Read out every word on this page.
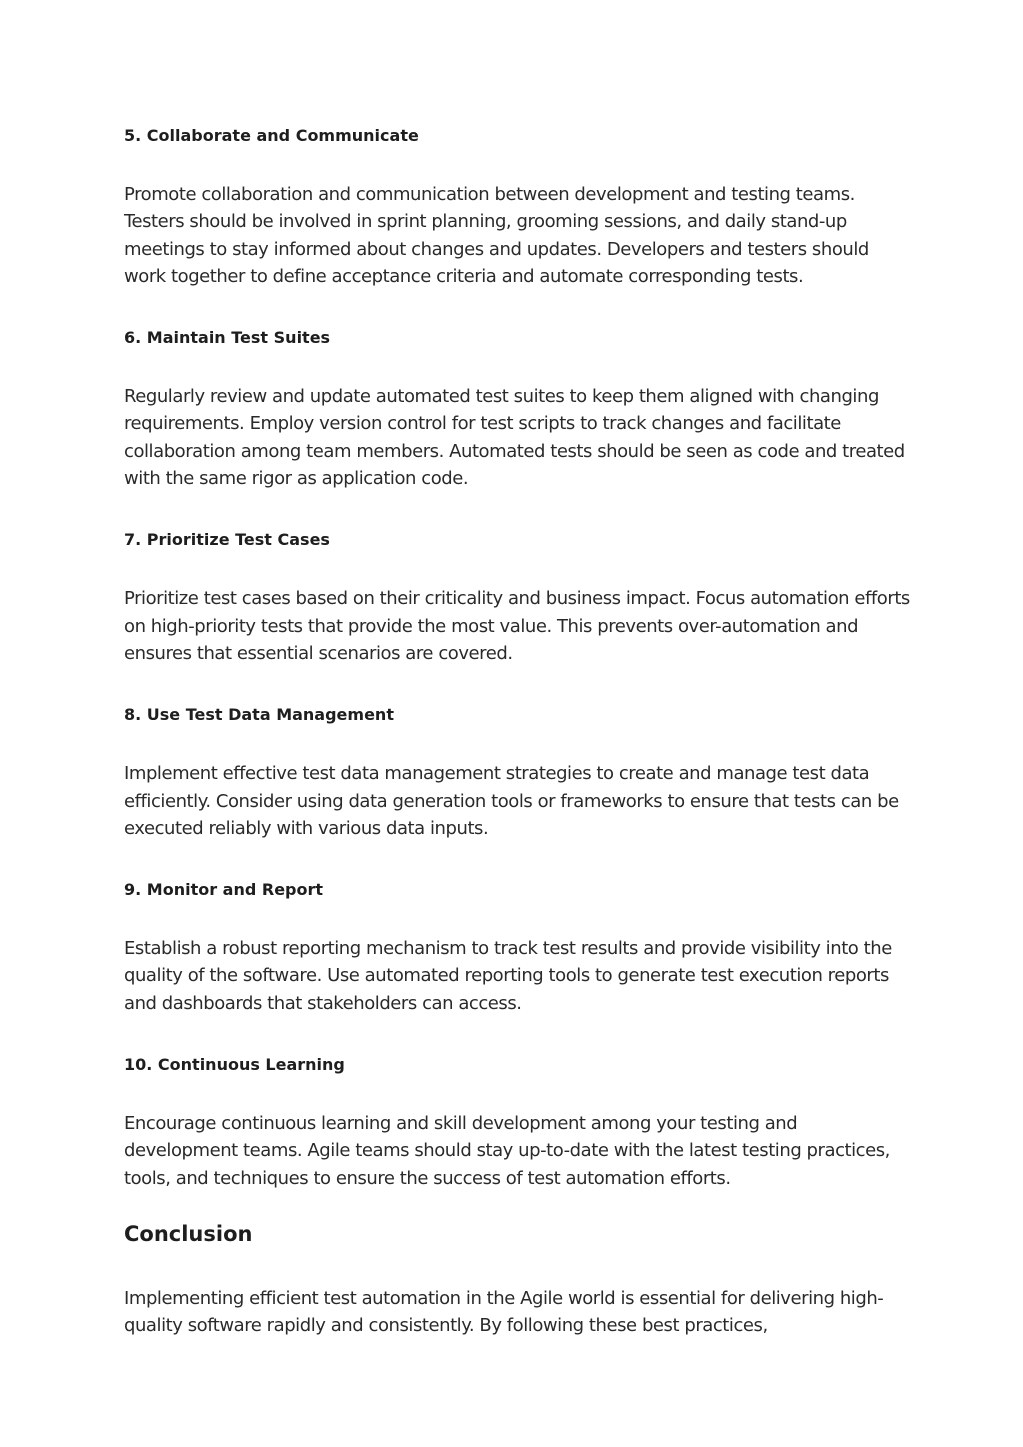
5. Collaborate and Communicate

Promote collaboration and communication between development and testing teams. Testers should be involved in sprint planning, grooming sessions, and daily stand-up meetings to stay informed about changes and updates. Developers and testers should work together to define acceptance criteria and automate corresponding tests.

6. Maintain Test Suites

Regularly review and update automated test suites to keep them aligned with changing requirements. Employ version control for test scripts to track changes and facilitate collaboration among team members. Automated tests should be seen as code and treated with the same rigor as application code.

7. Prioritize Test Cases

Prioritize test cases based on their criticality and business impact. Focus automation efforts on high-priority tests that provide the most value. This prevents over-automation and ensures that essential scenarios are covered.

8. Use Test Data Management

Implement effective test data management strategies to create and manage test data efficiently. Consider using data generation tools or frameworks to ensure that tests can be executed reliably with various data inputs.

9. Monitor and Report

Establish a robust reporting mechanism to track test results and provide visibility into the quality of the software. Use automated reporting tools to generate test execution reports and dashboards that stakeholders can access.

10. Continuous Learning

Encourage continuous learning and skill development among your testing and development teams. Agile teams should stay up-to-date with the latest testing practices, tools, and techniques to ensure the success of test automation efforts.

Conclusion

Implementing efficient test automation in the Agile world is essential for delivering high-quality software rapidly and consistently. By following these best practices,
